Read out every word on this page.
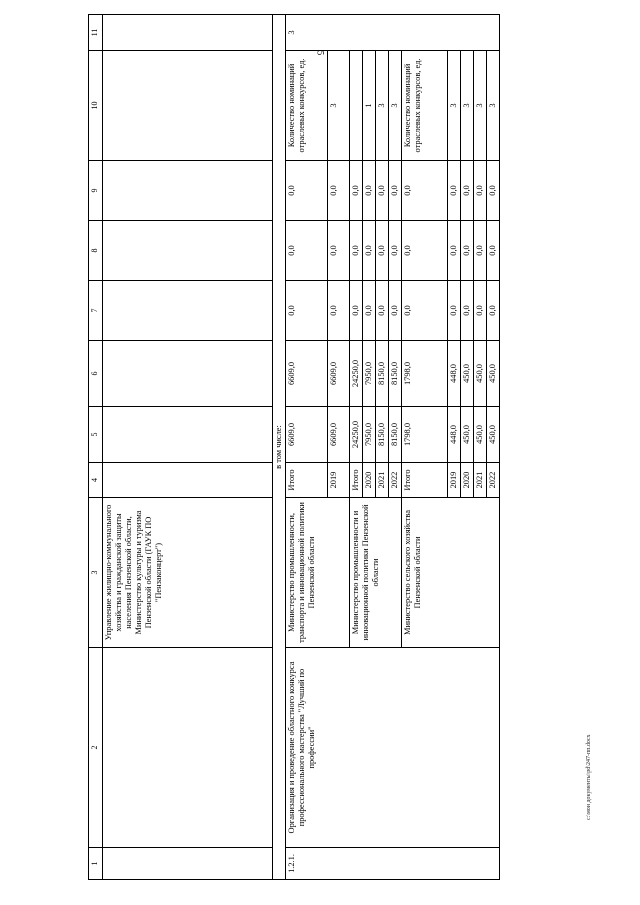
5
1	2	3	4	5	6	7	8	9	10	11
		Управление жилищно-коммунального хозяйства и гражданской защиты населения Пензенской области, Министерство культуры и туризма Пензенской области (ГАУК ПО "Пензаконцерт")								
в том числе:										
1.2.1.	Организация и проведение областного конкурса профессионального мастерства "Лучший по профессии"	Министерство промышленности, транспорта и инновационной политики Пензенской области	Итого	6609,0	6609,0	0,0	0,0	0,0	Количество номинаций отраслевых конкурсов, ед.	3
			2019	6609,0	6609,0	0,0	0,0	0,0	3	
		Министерство промышленности и инновационной политики Пензенской области	Итого	24250,0	24250,0	0,0	0,0	0,0		
			2020	7950,0	7950,0	0,0	0,0	0,0	1	
			2021	8150,0	8150,0	0,0	0,0	0,0	3	
			2022	8150,0	8150,0	0,0	0,0	0,0	3	
		Министерство сельского хозяйства Пензенской области	Итого	1798,0	1798,0	0,0	0,0	0,0	Количество номинаций отраслевых конкурсов, ед.	
			2019	448,0	448,0	0,0	0,0	0,0	3	
			2020	450,0	450,0	0,0	0,0	0,0	3	
			2021	450,0	450,0	0,0	0,0	0,0	3	
			2022	450,0	450,0	0,0	0,0	0,0	3	
c:\мои документы\pd\247-пп.docx
